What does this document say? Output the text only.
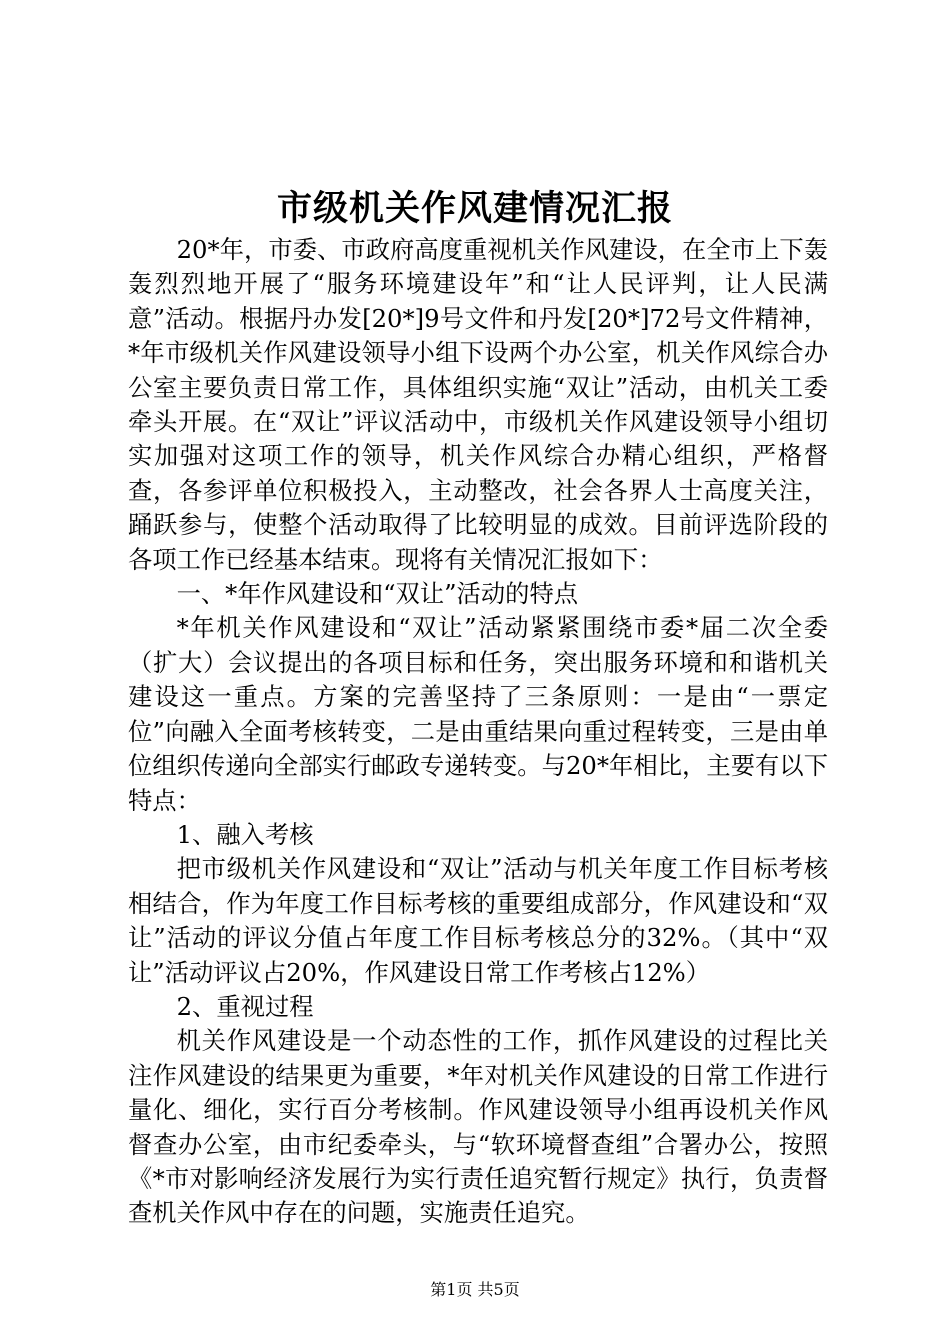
市级机关作风建情况汇报

20*年，市委、市政府高度重视机关作风建设，在全市上下轰轰烈烈地开展了“服务环境建设年”和“让人民评判，让人民满意”活动。根据丹办发[20*]9号文件和丹发[20*]72号文件精神，*年市级机关作风建设领导小组下设两个办公室，机关作风综合办公室主要负责日常工作，具体组织实施“双让”活动，由机关工委牵头开展。在“双让”评议活动中，市级机关作风建设领导小组切实加强对这项工作的领导，机关作风综合办精心组织，严格督查，各参评单位积极投入，主动整改，社会各界人士高度关注，踊跃参与，使整个活动取得了比较明显的成效。目前评选阶段的各项工作已经基本结束。现将有关情况汇报如下：

一、*年作风建设和“双让”活动的特点

*年机关作风建设和“双让”活动紧紧围绕市委*届二次全委（扩大）会议提出的各项目标和任务，突出服务环境和和谐机关建设这一重点。方案的完善坚持了三条原则：一是由“一票定位”向融入全面考核转变，二是由重结果向重过程转变，三是由单位组织传递向全部实行邮政专递转变。与20*年相比，主要有以下特点：

1、融入考核

把市级机关作风建设和“双让”活动与机关年度工作目标考核相结合，作为年度工作目标考核的重要组成部分，作风建设和“双让”活动的评议分值占年度工作目标考核总分的32%。（其中“双让”活动评议占20%，作风建设日常工作考核占12%）

2、重视过程

机关作风建设是一个动态性的工作，抓作风建设的过程比关注作风建设的结果更为重要，*年对机关作风建设的日常工作进行量化、细化，实行百分考核制。作风建设领导小组再设机关作风督查办公室，由市纪委牵头，与“软环境督查组”合署办公，按照《*市对影响经济发展行为实行责任追究暂行规定》执行，负责督查机关作风中存在的问题，实施责任追究。

第1页 共5页
